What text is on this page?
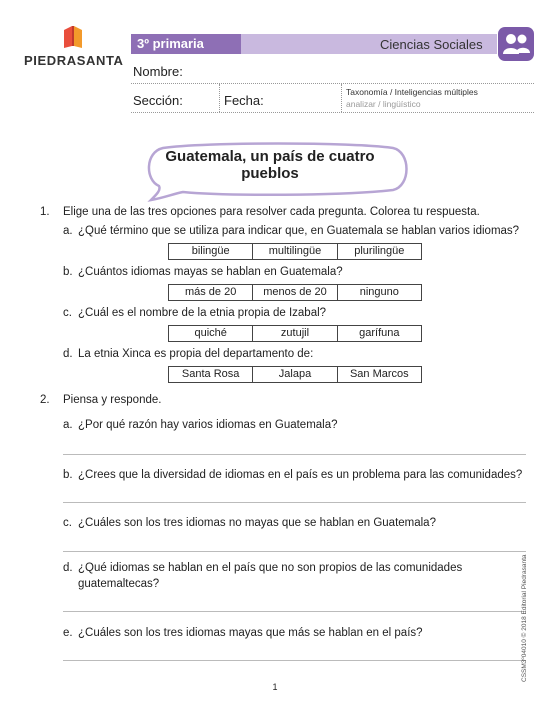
PIEDRASANTA
3º primaria	Ciencias Sociales
Nombre:
Sección:	Fecha:
Taxonomía / Inteligencias múltiples
analizar / lingüístico
Guatemala, un país de cuatro pueblos
1. Elige una de las tres opciones para resolver cada pregunta. Colorea tu respuesta.
a. ¿Qué término que se utiliza para indicar que, en Guatemala se hablan varios idiomas?
bilingüe	multilingüe	plurilingüe
b. ¿Cuántos idiomas mayas se hablan en Guatemala?
más de 20	menos de 20	ninguno
c. ¿Cuál es el nombre de la etnia propia de Izabal?
quiché	zutujil	garífuna
d. La etnia Xinca es propia del departamento de:
Santa Rosa	Jalapa	San Marcos
2. Piensa y responde.
a. ¿Por qué razón hay varios idiomas en Guatemala?
b. ¿Crees que la diversidad de idiomas en el país es un problema para las comunidades?
c. ¿Cuáles son los tres idiomas no mayas que se hablan en Guatemala?
d. ¿Qué idiomas se hablan en el país que no son propios de las comunidades
guatemaltecas?
e. ¿Cuáles son los tres idiomas mayas que más se hablan en el país?
1
CSSM3º04010 © 2018 Editorial Piedrasanta
